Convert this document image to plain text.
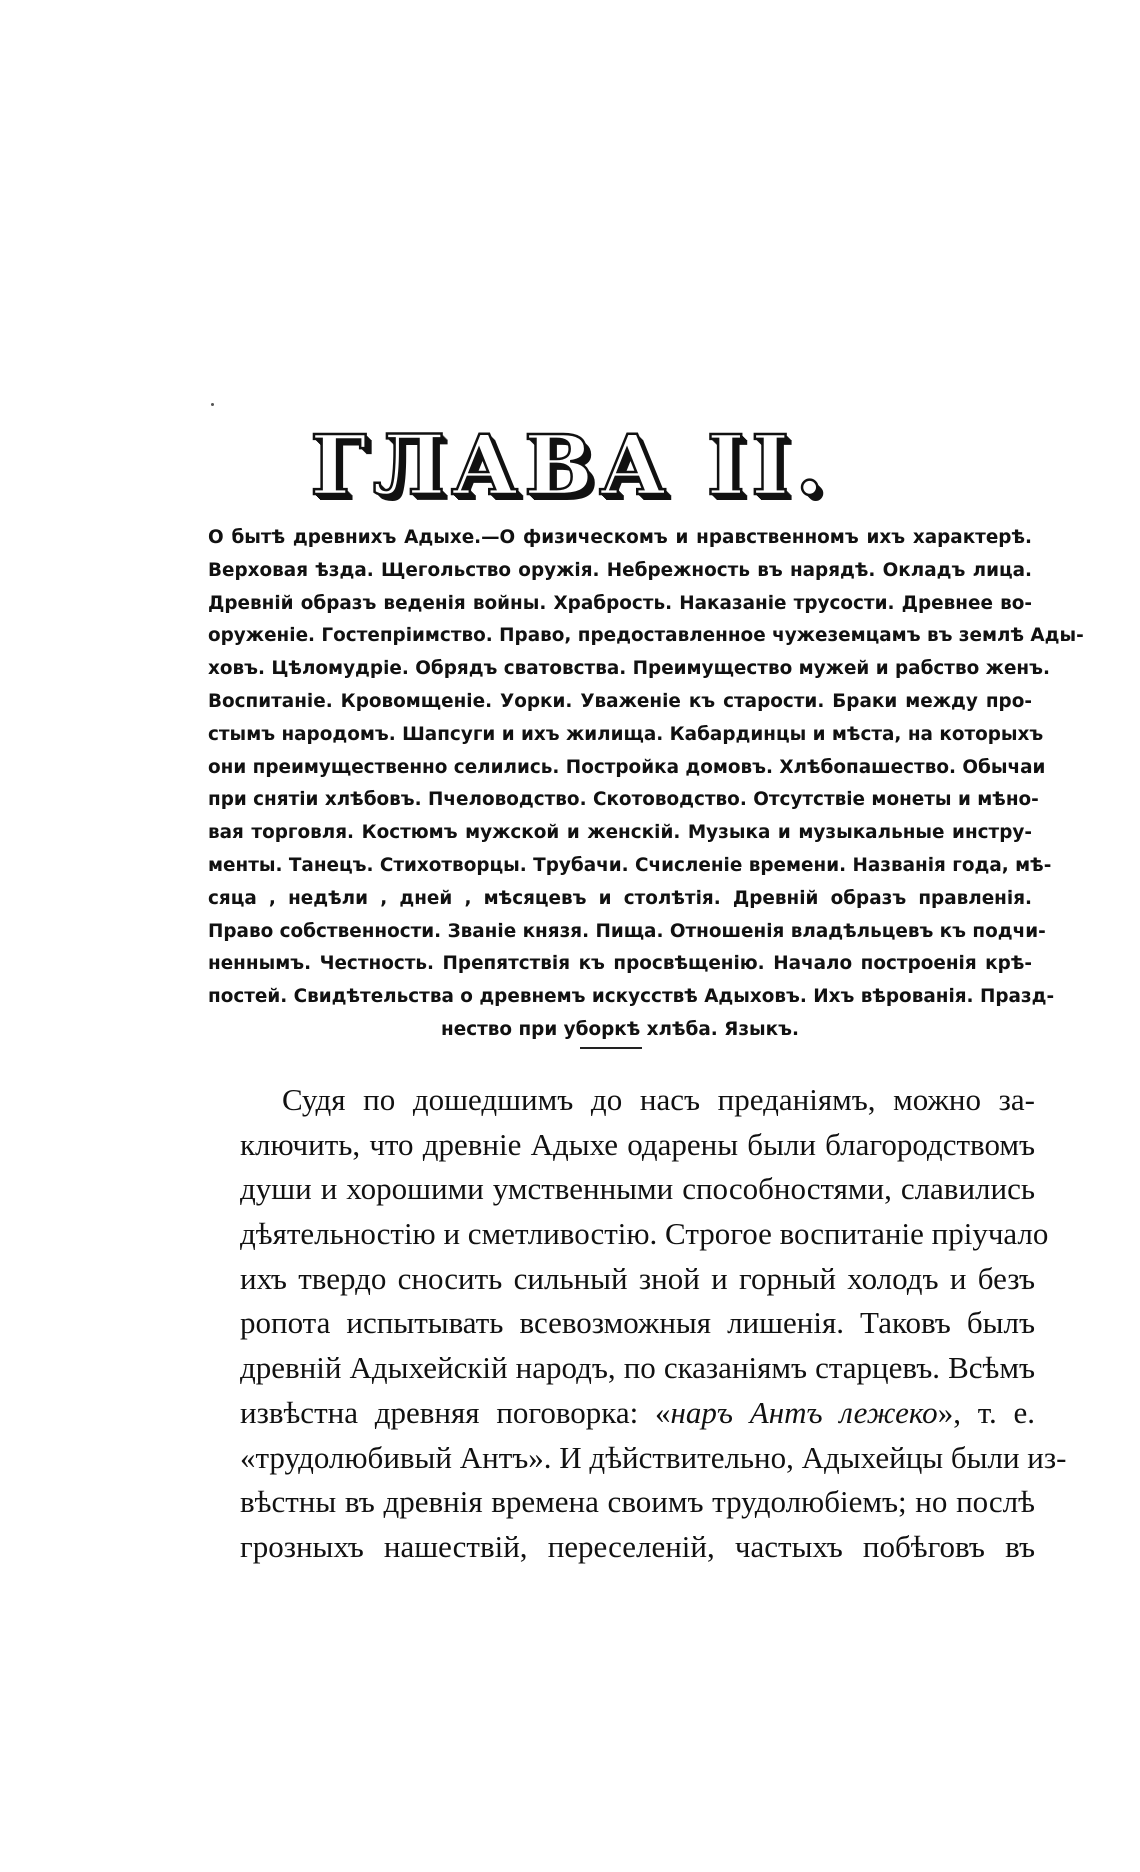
ГЛАВА II.
О бытѣ древнихъ Адыхе.—О физическомъ и нравственномъ ихъ характерѣ.
Верховая ѣзда. Щегольство оружія. Небрежность въ нарядѣ. Окладъ лица.
Древній образъ веденія войны. Храбрость. Наказаніе трусости. Древнее во-
оруженіе. Гостепріимство. Право, предоставленное чужеземцамъ въ землѣ Ады-
ховъ. Цѣломудріе. Обрядъ сватовства. Преимущество мужей и рабство женъ.
Воспитаніе. Кровомщеніе. Уорки. Уваженіе къ старости. Браки между про-
стымъ народомъ. Шапсуги и ихъ жилища. Кабардинцы и мѣста, на которыхъ
они преимущественно селились. Постройка домовъ. Хлѣбопашество. Обычаи
при снятіи хлѣбовъ. Пчеловодство. Скотоводство. Отсутствіе монеты и мѣно-
вая торговля. Костюмъ мужской и женскій. Музыка и музыкальные инстру-
менты. Танецъ. Стихотворцы. Трубачи. Счисленіе времени. Названія года, мѣ-
сяца , недѣли , дней , мѣсяцевъ и столѣтія. Древній образъ правленія.
Право собственности. Званіе князя. Пища. Отношенія владѣльцевъ къ подчи-
неннымъ. Честность. Препятствія къ просвѣщенію. Начало построенія крѣ-
постей. Свидѣтельства о древнемъ искусствѣ Адыховъ. Ихъ вѣрованія. Празд-
нество при уборкѣ хлѣба. Языкъ.
Судя по дошедшимъ до насъ преданіямъ, можно за-
ключить, что древніе Адыхе одарены были благородствомъ
души и хорошими умственными способностями, славились
дѣятельностію и сметливостію. Строгое воспитаніе пріучало
ихъ твердо сносить сильный зной и горный холодъ и безъ
ропота испытывать всевозможныя лишенія. Таковъ былъ
древній Адыхейскій народъ, по сказаніямъ старцевъ. Всѣмъ
извѣстна древняя поговорка: «наръ Антъ лежеко», т. е.
«трудолюбивый Антъ». И дѣйствительно, Адыхейцы были из-
вѣстны въ древнія времена своимъ трудолюбіемъ; но послѣ
грозныхъ нашествій, переселеній, частыхъ побѣговъ въ
